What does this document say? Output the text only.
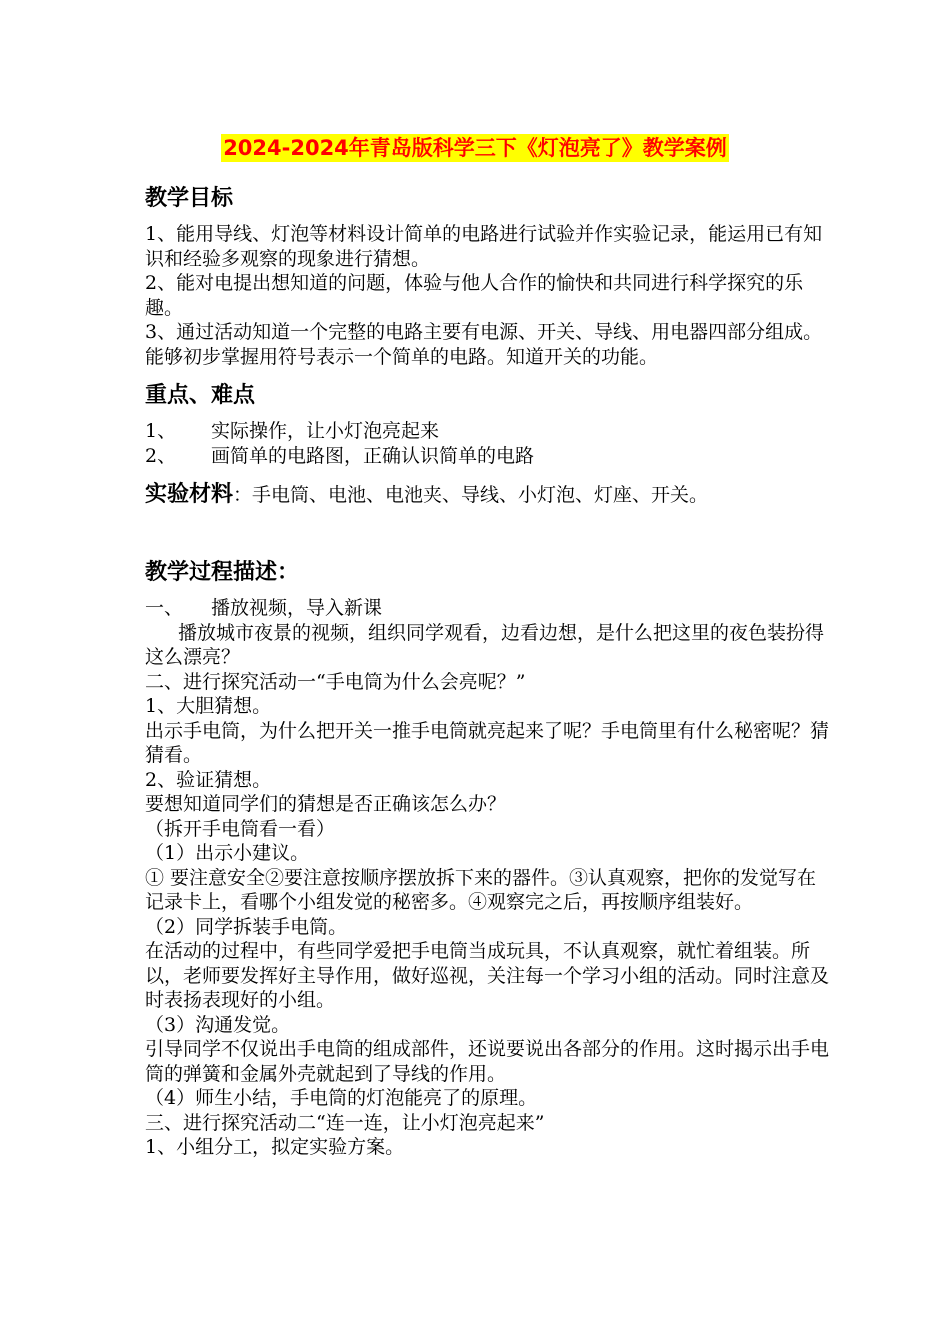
2024-2024年青岛版科学三下《灯泡亮了》教学案例
教学目标

1、能用导线、灯泡等材料设计简单的电路进行试验并作实验记录，能运用已有知识和经验多观察的现象进行猜想。

2、能对电提出想知道的问题，体验与他人合作的愉快和共同进行科学探究的乐趣。

3、通过活动知道一个完整的电路主要有电源、开关、导线、用电器四部分组成。能够初步掌握用符号表示一个简单的电路。知道开关的功能。

重点、难点
1、	实际操作，让小灯泡亮起来
2、	画简单的电路图，正确认识简单的电路
实验材料：手电筒、电池、电池夹、导线、小灯泡、灯座、开关。
教学过程描述：
一、	播放视频，导入新课

播放城市夜景的视频，组织同学观看，边看边想，是什么把这里的夜色装扮得这么漂亮？

二、进行探究活动一“手电筒为什么会亮呢？”

1、大胆猜想。

出示手电筒，为什么把开关一推手电筒就亮起来了呢？手电筒里有什么秘密呢？猜猜看。

2、验证猜想。

要想知道同学们的猜想是否正确该怎么办？

（拆开手电筒看一看）

（1）出示小建议。

① 要注意安全②要注意按顺序摆放拆下来的器件。③认真观察，把你的发觉写在记录卡上，看哪个小组发觉的秘密多。④观察完之后，再按顺序组装好。

（2）同学拆装手电筒。

在活动的过程中，有些同学爱把手电筒当成玩具，不认真观察，就忙着组装。所以，老师要发挥好主导作用，做好巡视，关注每一个学习小组的活动。同时注意及时表扬表现好的小组。

（3）沟通发觉。

引导同学不仅说出手电筒的组成部件，还说要说出各部分的作用。这时揭示出手电筒的弹簧和金属外壳就起到了导线的作用。

（4）师生小结，手电筒的灯泡能亮了的原理。

三、进行探究活动二“连一连，让小灯泡亮起来”

1、小组分工，拟定实验方案。
